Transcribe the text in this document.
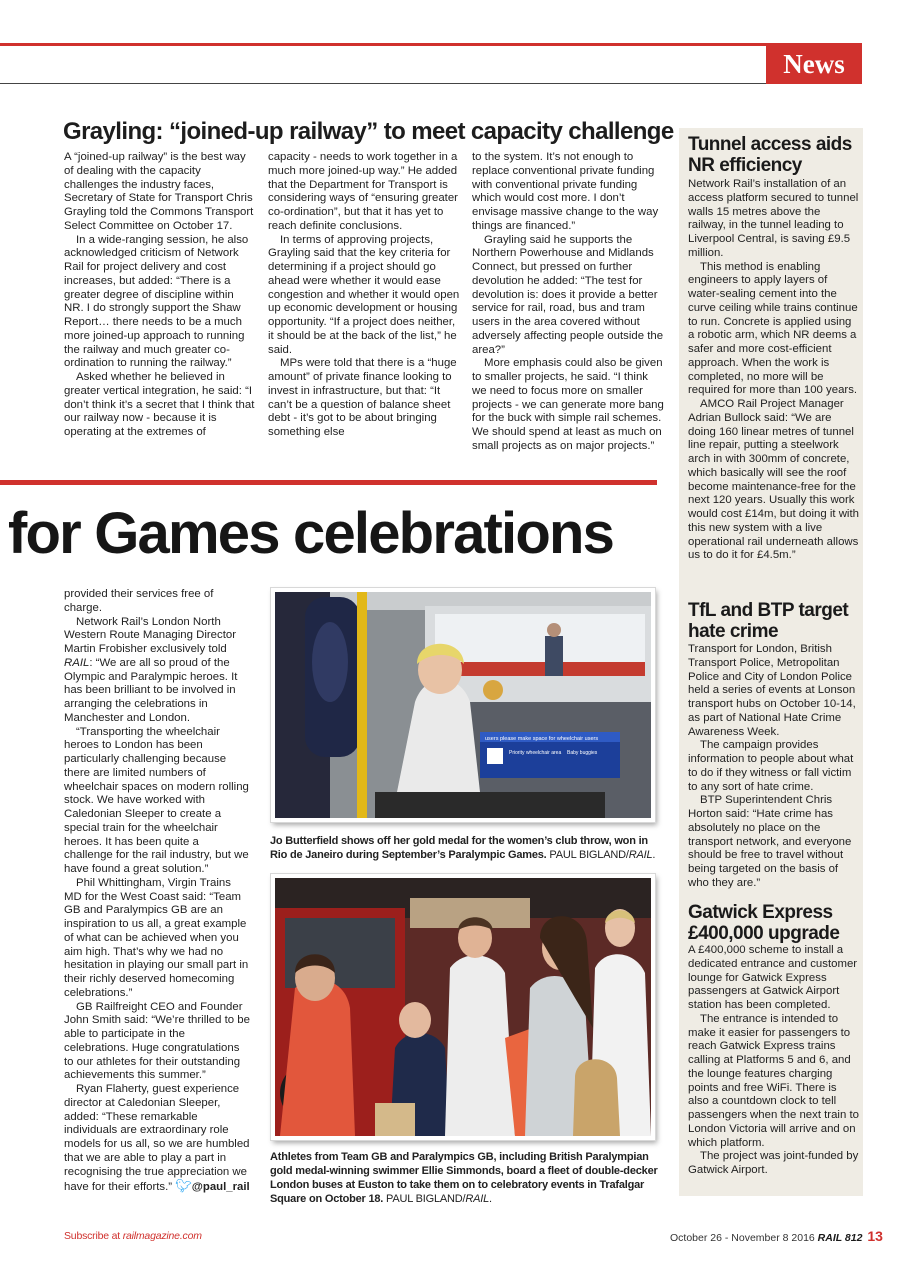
News
Grayling: “joined-up railway” to meet capacity challenge

A “joined-up railway” is the best way of dealing with the capacity challenges the industry faces, Secretary of State for Transport Chris Grayling told the Commons Transport Select Committee on October 17.

In a wide-ranging session, he also acknowledged criticism of Network Rail for project delivery and cost increases, but added: “There is a greater degree of discipline within NR. I do strongly support the Shaw Report… there needs to be a much more joined-up approach to running the railway and much greater co-ordination to running the railway.”

Asked whether he believed in greater vertical integration, he said: “I don’t think it’s a secret that I think that our railway now - because it is operating at the extremes of

capacity - needs to work together in a much more joined-up way.” He added that the Department for Transport is considering ways of “ensuring greater co-ordination”, but that it has yet to reach definite conclusions.

In terms of approving projects, Grayling said that the key criteria for determining if a project should go ahead were whether it would ease congestion and whether it would open up economic development or housing opportunity. “If a project does neither, it should be at the back of the list,” he said.

MPs were told that there is a “huge amount” of private finance looking to invest in infrastructure, but that: “It can’t be a question of balance sheet debt - it’s got to be about bringing something else

to the system. It’s not enough to replace conventional private funding with conventional private funding which would cost more. I don’t envisage massive change to the way things are financed.”

Grayling said he supports the Northern Powerhouse and Midlands Connect, but pressed on further devolution he added: “The test for devolution is: does it provide a better service for rail, road, bus and tram users in the area covered without adversely affecting people outside the area?”

More emphasis could also be given to smaller projects, he said. “I think we need to focus more on smaller projects - we can generate more bang for the buck with simple rail schemes. We should spend at least as much on small projects as on major projects.”

for Games celebrations

provided their services free of charge.

Network Rail’s London North Western Route Managing Director Martin Frobisher exclusively told RAIL: “We are all so proud of the Olympic and Paralympic heroes. It has been brilliant to be involved in arranging the celebrations in Manchester and London.

“Transporting the wheelchair heroes to London has been particularly challenging because there are limited numbers of wheelchair spaces on modern rolling stock. We have worked with Caledonian Sleeper to create a special train for the wheelchair heroes. It has been quite a challenge for the rail industry, but we have found a great solution.”

Phil Whittingham, Virgin Trains MD for the West Coast said: “Team GB and Paralympics GB are an inspiration to us all, a great example of what can be achieved when you aim high. That’s why we had no hesitation in playing our small part in their richly deserved homecoming celebrations.”

GB Railfreight CEO and Founder John Smith said: “We’re thrilled to be able to participate in the celebrations. Huge congratulations to our athletes for their outstanding achievements this summer.”

Ryan Flaherty, guest experience director at Caledonian Sleeper, added: “These remarkable individuals are extraordinary role models for us all, so we are humbled that we are able to play a part in recognising the true appreciation we have for their efforts.” 🐦︎@paul_rail

users please make space for wheelchair users
Priority wheelchair area Baby buggies
Jo Butterfield shows off her gold medal for the women’s club throw, won in Rio de Janeiro during September’s Paralympic Games. PAUL BIGLAND/RAIL.
Athletes from Team GB and Paralympics GB, including British Paralympian gold medal-winning swimmer Ellie Simmonds, board a fleet of double-decker London buses at Euston to take them on to celebratory events in Trafalgar Square on October 18. PAUL BIGLAND/RAIL.
Tunnel access aids NR efficiency

Network Rail’s installation of an access platform secured to tunnel walls 15 metres above the railway, in the tunnel leading to Liverpool Central, is saving £9.5 million.

This method is enabling engineers to apply layers of water-sealing cement into the curve ceiling while trains continue to run. Concrete is applied using a robotic arm, which NR deems a safer and more cost-efficient approach. When the work is completed, no more will be required for more than 100 years.

AMCO Rail Project Manager Adrian Bullock said: “We are doing 160 linear metres of tunnel line repair, putting a steelwork arch in with 300mm of concrete, which basically will see the roof become maintenance-free for the next 120 years. Usually this work would cost £14m, but doing it with this new system with a live operational rail underneath allows us to do it for £4.5m.”

TfL and BTP target hate crime

Transport for London, British Transport Police, Metropolitan Police and City of London Police held a series of events at Lonson transport hubs on October 10-14, as part of National Hate Crime Awareness Week.

The campaign provides information to people about what to do if they witness or fall victim to any sort of hate crime.

BTP Superintendent Chris Horton said: “Hate crime has absolutely no place on the transport network, and everyone should be free to travel without being targeted on the basis of who they are.”

Gatwick Express £400,000 upgrade

A £400,000 scheme to install a dedicated entrance and customer lounge for Gatwick Express passengers at Gatwick Airport station has been completed.

The entrance is intended to make it easier for passengers to reach Gatwick Express trains calling at Platforms 5 and 6, and the lounge features charging points and free WiFi. There is also a countdown clock to tell passengers when the next train to London Victoria will arrive and on which platform.

The project was joint-funded by Gatwick Airport.

Subscribe at railmagazine.com	October 26 - November 8 2016 RAIL 812 13
